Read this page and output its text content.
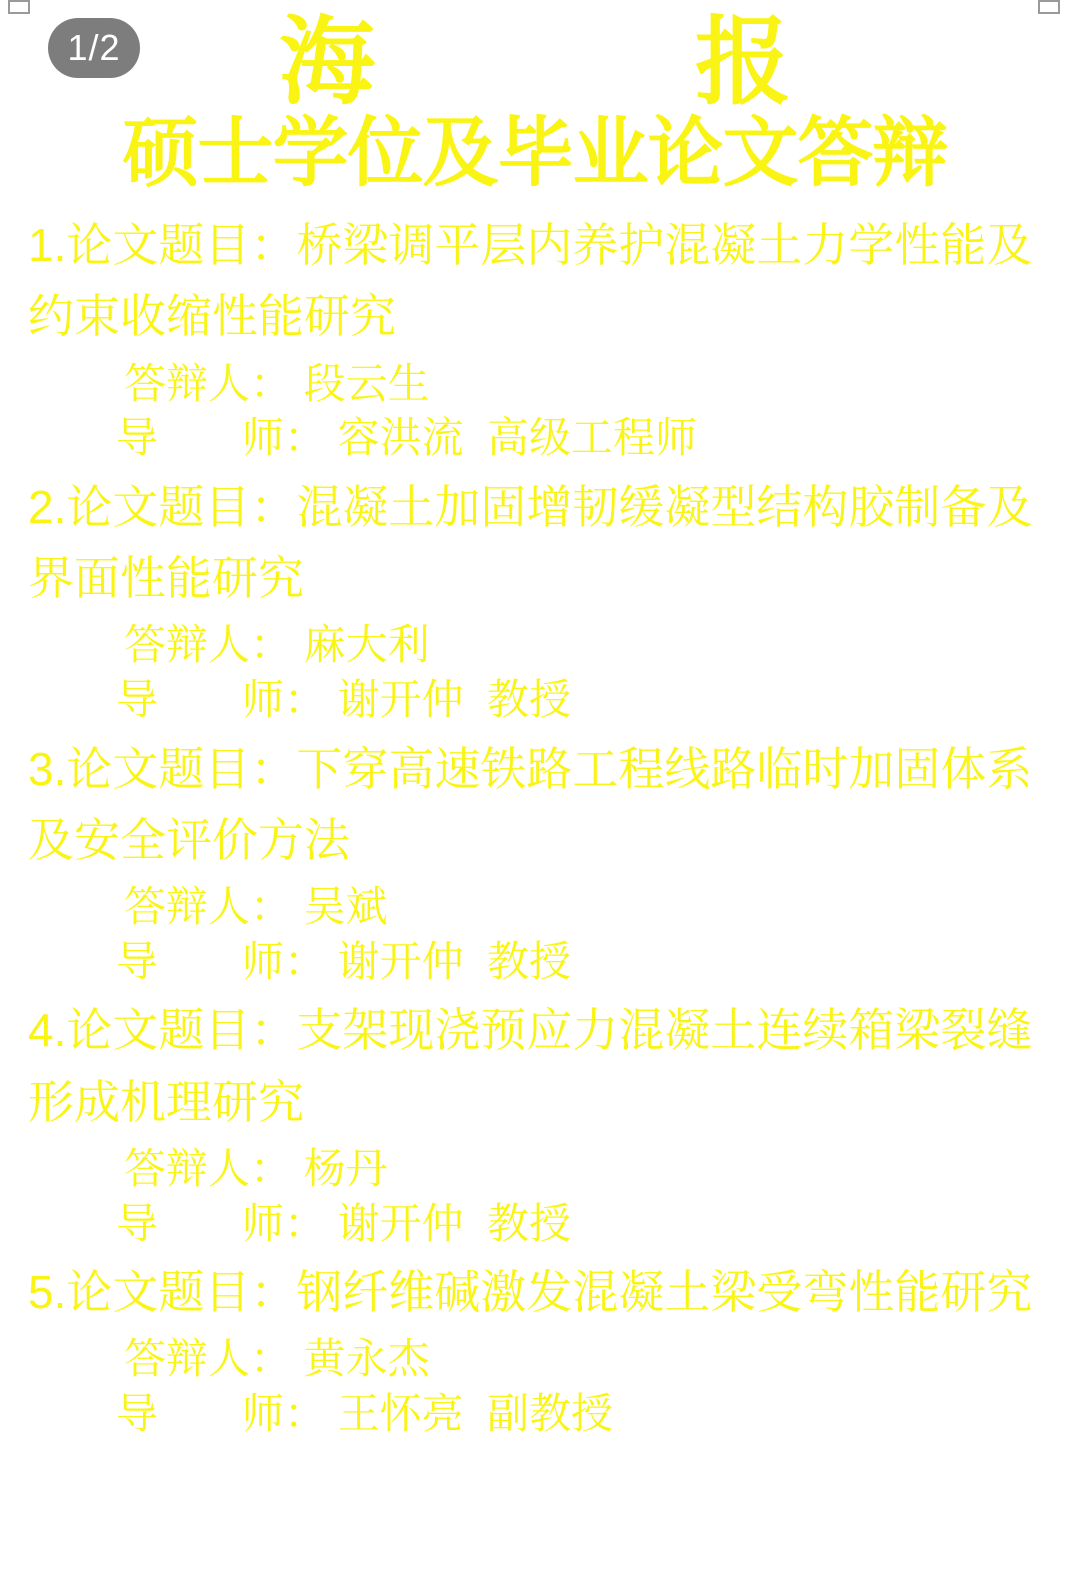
1/2	海            报
硕士学位及毕业论文答辩

1.论文题目：桥梁调平层内养护混凝土力学性能及约束收缩性能研究

答辩人： 段云生

导　　师： 容洪流  高级工程师

2.论文题目：混凝土加固增韧缓凝型结构胶制备及界面性能研究

答辩人： 麻大利

导　　师： 谢开仲  教授

3.论文题目：下穿高速铁路工程线路临时加固体系及安全评价方法

答辩人： 吴斌

导　　师： 谢开仲  教授

4.论文题目：支架现浇预应力混凝土连续箱梁裂缝形成机理研究

答辩人： 杨丹

导　　师： 谢开仲  教授

5.论文题目：钢纤维碱激发混凝土梁受弯性能研究

答辩人： 黄永杰

导　　师： 王怀亮  副教授
